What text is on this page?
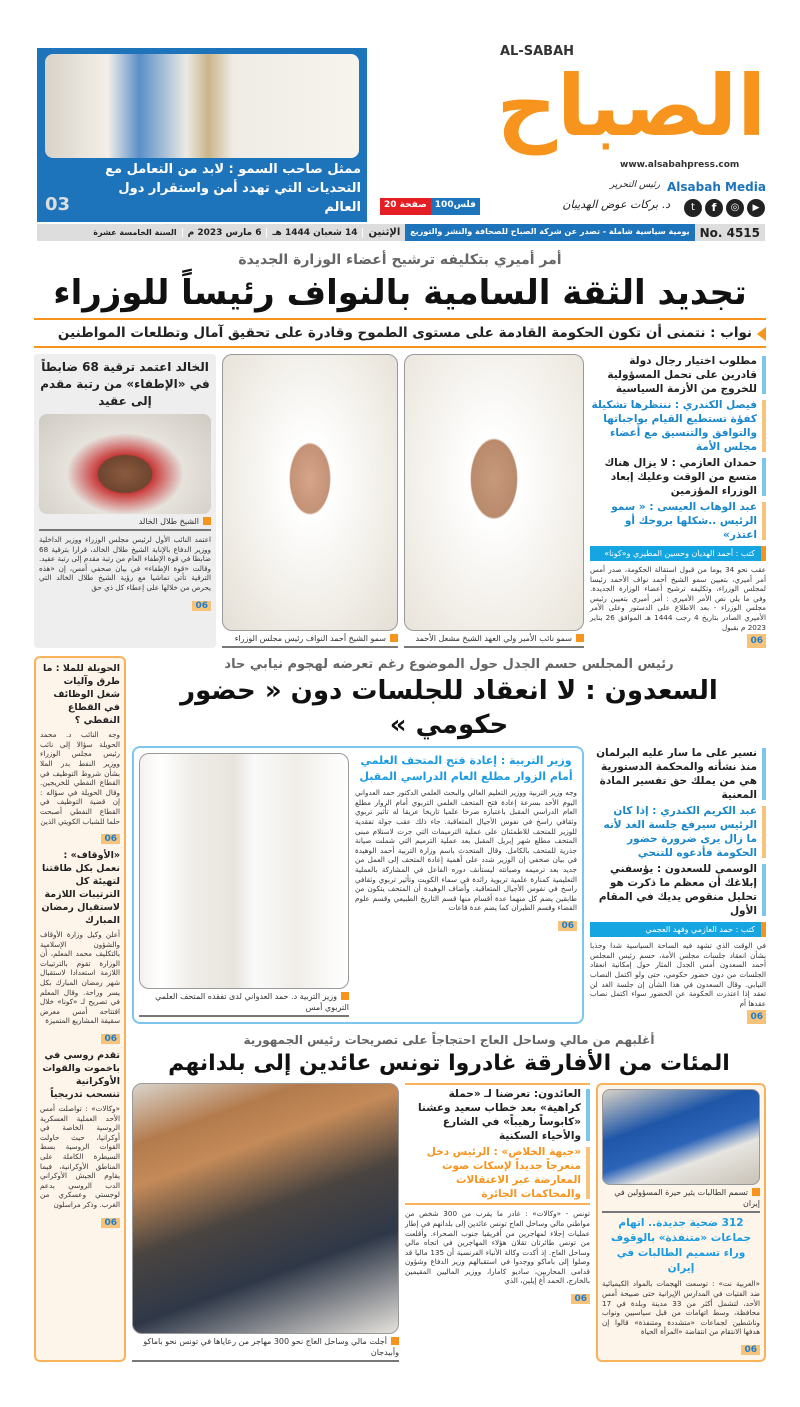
ممثل صاحب السمو : لابد من التعامل مع التحديات التي تهدد أمن واستقرار دول العالم
03
الصباح
AL-SABAH
www.alsabahpress.com
Alsabah Media
t	f	◎	▶
رئيس التحرير
د. بركات عوض الهديبان
20 صفحة 100فلس
No. 4515
يومية سياسية شاملة - تصدر عن شركة الصباح للصحافة والنشر والتوزيع
الإثنين
14 شعبان 1444 هـ
6 مارس 2023 م
السنة الخامسة عشرة
أمر أميري بتكليفه ترشيح أعضاء الوزارة الجديدة
تجديد الثقة السامية بالنواف رئيساً للوزراء
نواب : نتمنى أن تكون الحكومة القادمة على مستوى الطموح وقادرة على تحقيق آمال وتطلعات المواطنين
مطلوب اختيار رجال دولة قادرين على تحمل المسؤولية للخروج من الأزمة السياسية
فيصل الكندري : ننتظرها تشكيلة كفؤة تستطيع القيام بواجباتها والتوافق والتنسيق مع أعضاء مجلس الأمة
حمدان العازمي : لا يزال هناك متسع من الوقت وعليك إبعاد الوزراء المؤزمين
عبد الوهاب العيسى : « سمو الرئيس ..شكلها بروحك أو اعتذر»
كتب : أحمد الهديان وحسين المطيري و«كونا»
عقب نحو 34 يوما من قبول استقالة الحكومة، صدر أمس أمر أميري، بتعيين سمو الشيخ أحمد نواف الأحمد رئيسا لمجلس الوزراء، وتكليفه ترشيح أعضاء الوزارة الجديدة. وفي ما يلي نص الأمر الأميري : أمر أميري بتعيين رئيس مجلس الوزراء - بعد الاطلاع على الدستور وعلى الأمر الأميري الصادر بتاريخ 4 رجب 1444 هـ الموافق 26 يناير 2023 م بقبول
06
سمو نائب الأمير ولي العهد الشيخ مشعل الأحمد
سمو الشيخ أحمد النواف رئيس مجلس الوزراء
الخالد اعتمد ترقية 68 ضابطاً في «الإطفاء» من رتبة مقدم إلى عقيد
الشيخ طلال الخالد
اعتمد النائب الأول لرئيس مجلس الوزراء ووزير الداخلية ووزير الدفاع بالإنابة الشيخ طلال الخالد، قرارا بترقية 68 ضابطا في قوة الإطفاء العام من رتبة مقدم إلى رتبة عقيد. وقالت «قوة الإطفاء» في بيان صحفي أمس، إن «هذه الترقية تأتي تماشيا مع رؤية الشيخ طلال الخالد التي يحرص من خلالها على إعطاء كل ذي حق
06
رئيس المجلس حسم الجدل حول الموضوع رغم تعرضه لهجوم نيابي حاد
السعدون : لا انعقاد للجلسات دون « حضور حكومي »
نسير على ما سار عليه البرلمان منذ نشأته والمحكمة الدستورية هي من يملك حق تفسير المادة المعنية
عبد الكريم الكندري : إذا كان الرئيس سيرفع جلسة الغد لأنه ما زال يرى ضرورة حضور الحكومة فأدعوه للتنحي
الوسمي للسعدون : يؤسفني إبلاغك أن معظم ما ذكرت هو تحليل منقوص يديك في المقام الأول
كتب : حمد العازمي وفهد العجمي
في الوقت الذي تشهد فيه الساحة السياسية شدا وجذبا بشأن انعقاد جلسات مجلس الأمة، حسم رئيس المجلس أحمد السعدون أمس الجدل المثار حول إمكانية انعقاد الجلسات من دون حضور حكومي، حتى ولو اكتمل النصاب النيابي. وقال السعدون في هذا الشأن إن جلسة الغد لن تعقد إذا اعتذرت الحكومة عن الحضور سواء اكتمل نصاب عقدها أم
06
وزير التربية : إعادة فتح المتحف العلمي أمام الزوار مطلع العام الدراسي المقبل
وجه وزير التربية ووزير التعليم العالي والبحث العلمي الدكتور حمد العدواني اليوم الأحد بسرعة إعادة فتح المتحف العلمي التربوي أمام الزوار مطلع العام الدراسي المقبل باعتباره صرحا علميا تاريخا عريقا له تأثير تربوي وثقافي راسخ في نفوس الأجيال المتعاقبة. جاء ذلك عقب جولة تفقدية للوزير للمتحف للاطمئنان على عملية الترميمات التي جرت لاستلام مبنى المتحف مطلع شهر إبريل المقبل بعد عملية الترميم التي شملت صيانة جذرية للمتحف بالكامل. وقال المتحدث باسم وزارة التربية أحمد الوهيدة في بيان صحفي إن الوزير شدد على أهمية إعادة المتحف إلى العمل من جديد بعد ترميمه وصيانته ليستأنف دوره الفاعل في المشاركة بالعملية التعليمية كمنارة علمية تربوية رائدة في سماء الكويت وتأثير تربوي وثقافي راسخ في نفوس الأجيال المتعاقبة. وأضاف الوهيدة أن المتحف يتكون من طابقين يضم كل منهما عدة أقسام منها قسم التاريخ الطبيعي وقسم علوم الفضاء وقسم الطيران كما يضم عدة قاعات
06
وزير التربية د. حمد العدواني لدى تفقده المتحف العلمي التربوي أمس
أغلبهم من مالي وساحل العاج احتجاجاً على تصريحات رئيس الجمهورية
المئات من الأفارقة غادروا تونس عائدين إلى بلدانهم
تسمم الطالبات يثير حيرة المسؤولين في إيران
312 ضحية جديدة.. اتهام جماعات «متنفذة» بالوقوف وراء تسميم الطالبات في إيران
«العربية نت» : توسعت الهجمات بالمواد الكيميائية ضد الفتيات في المدارس الإيرانية حتى صبيحة أمس الأحد، لتشمل أكثر من 33 مدينة وبلدة في 17 محافظة، وسط اتهامات من قبل سياسيين ونواب وناشطين لجماعات «متشددة ومتنفذة» قالوا إن هدفها الانتقام من انتفاضة «المرأة الحياة
06
العائدون: تعرضنا لـ «حملة كراهية» بعد خطاب سعيد وعشنا «كابوساً رهيباً» في الشارع والأحياء السكنية
«جبهة الخلاص» : الرئيس دخل منعرجاً جديداً لإسكات صوت المعارضة عبر الاعتقالات والمحاكمات الجائرة
تونس - «وكالات» : غادر ما يقرب من 300 شخص من مواطني مالي وساحل العاج تونس عائدين إلى بلدانهم في إطار عمليات إجلاء لمهاجرين من أفريقيا جنوب الصحراء. وأقلعت من تونس طائرتان تقلان هؤلاء المهاجرين في اتجاه مالي وساحل العاج. إذ أكدت وكالة الأنباء الفرنسية أن 135 ماليا قد وصلوا إلى باماكو ووجدوا في استقبالهم وزير الدفاع وشؤون قدامى المحاربين، ساديو كامارا، ووزير الماليين المقيمين بالخارج، الحمد أغ إيلين، الذي
06
أجلت مالي وساحل العاج نحو 300 مهاجر من رعاياها في تونس نحو باماكو وأبيدجان
الحويلة للملا : ما طرق وآليات شغل الوظائف في القطاع النفطي ؟
وجه النائب د. محمد الحويلة سؤالا إلى نائب رئيس مجلس الوزراء ووزير النفط بدر الملا بشأن شروط التوظيف في القطاع النفطي للخريجين. وقال الحويلة في سؤاله : إن قضية التوظيف في القطاع النفطي أصبحت حلما للشباب الكويتي الذين
06
«الأوقاف» : نعمل بكل طاقتنا لتهيئة كل الترتيبات اللازمة لاستقبال رمضان المبارك
أعلن وكيل وزارة الأوقاف والشؤون الإسلامية بالتكليف محمد المعلم، أن الوزارة تقوم بالترتيبات اللازمة استعدادا لاستقبال شهر رمضان المبارك بكل يسر وراحة. وقال المعلم في تصريح لـ «كونا» خلال افتتاحه أمس معرض سقيفة المشاريع المتميزة
06
تقدم روسي في باخموت والقوات الأوكرانية تنسحب تدريجياً
«وكالات» : تواصلت أمس الأحد العملية العسكرية الروسية الخاصة في أوكرانيا، حيث حاولت القوات الروسية بسط السيطرة الكاملة على المناطق الأوكرانية، فيما يقاوم الجيش الأوكراني الدب الروسي بدعم لوجستي وعسكري من الغرب. وذكر مراسلون
06
